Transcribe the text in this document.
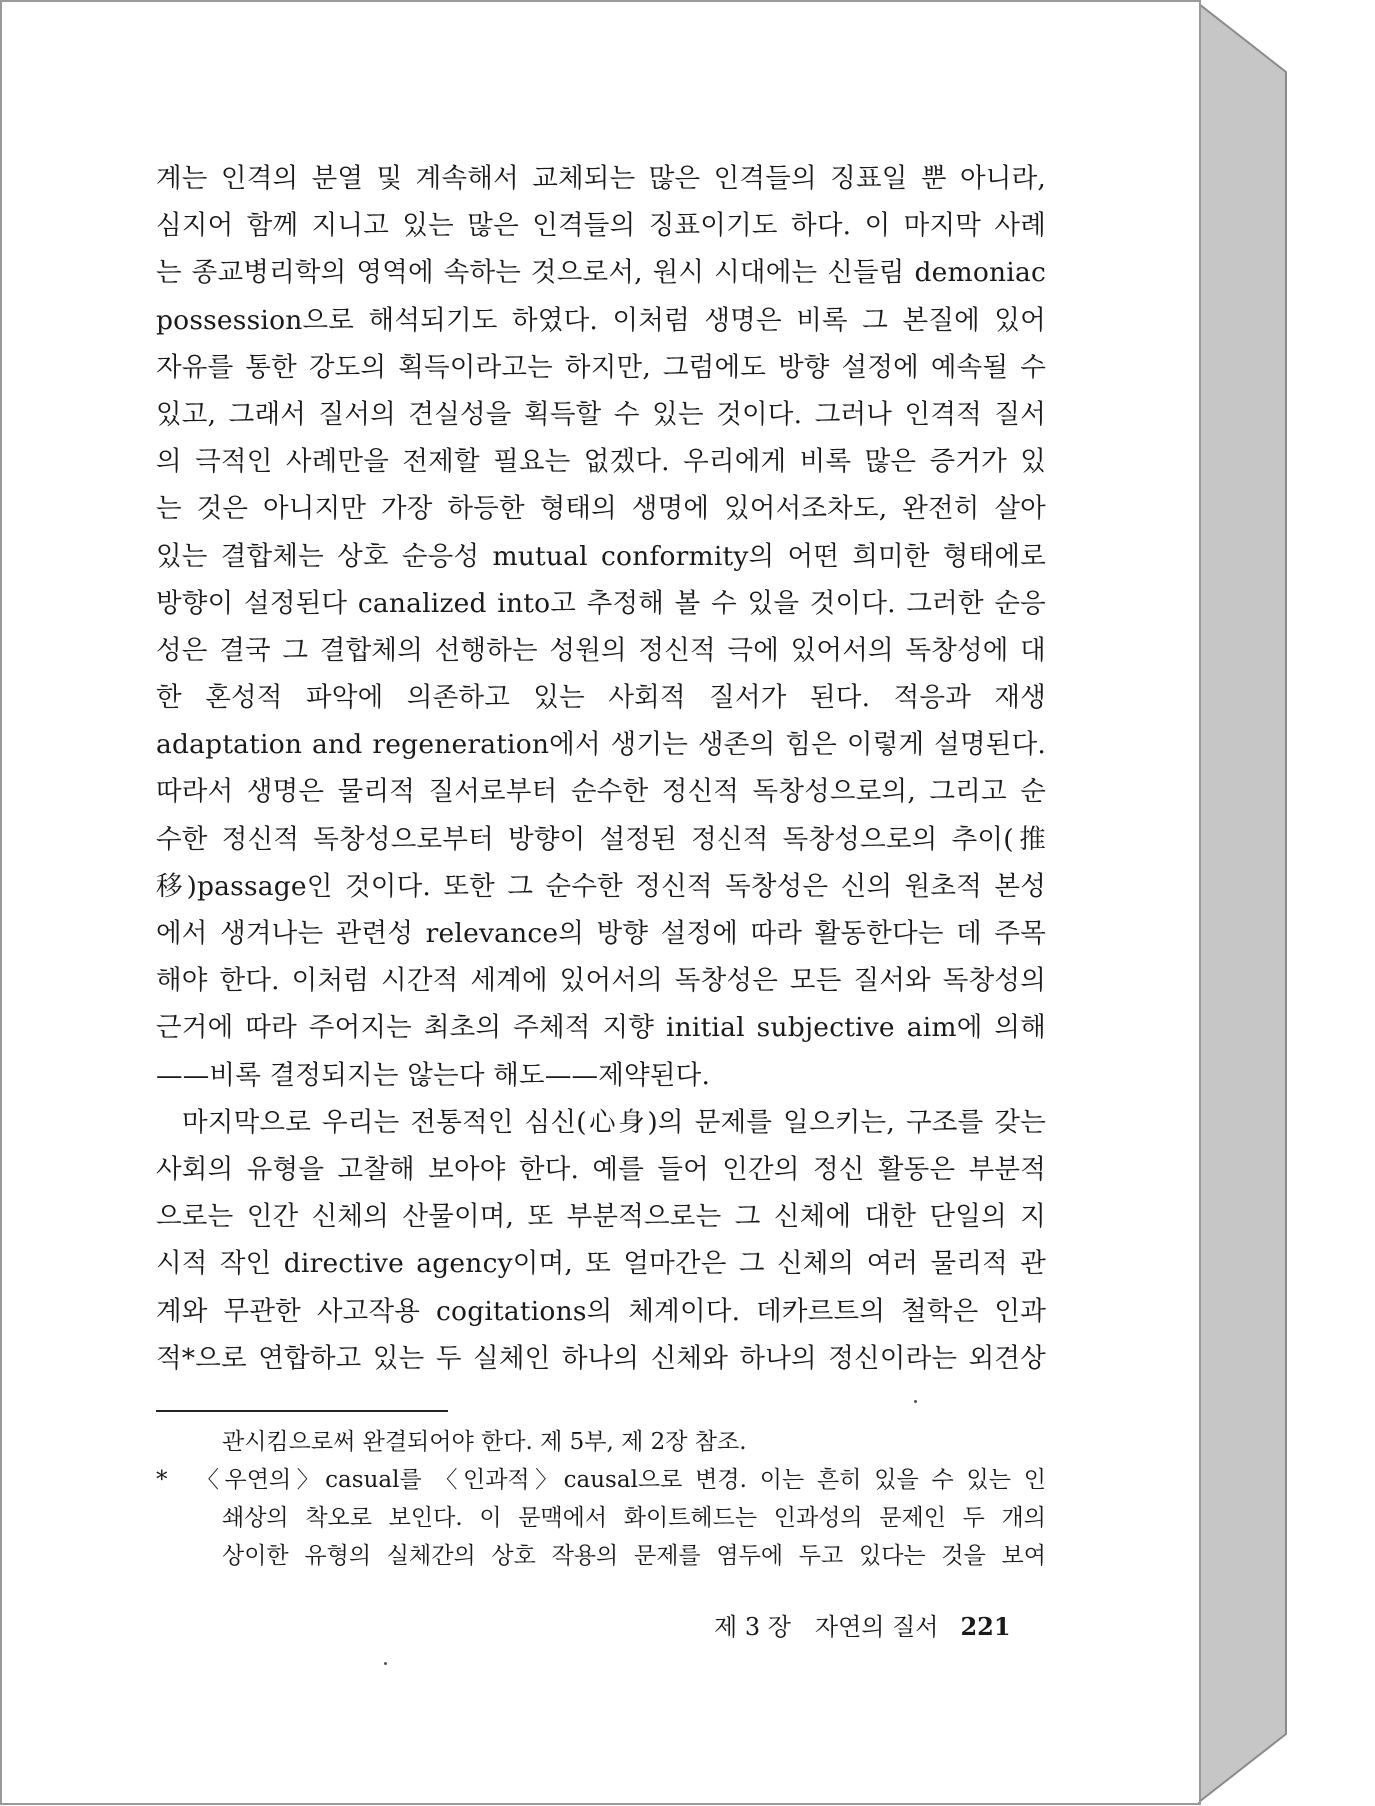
계는 인격의 분열 및 계속해서 교체되는 많은 인격들의 징표일 뿐 아니라,
심지어 함께 지니고 있는 많은 인격들의 징표이기도 하다. 이 마지막 사례
는 종교병리학의 영역에 속하는 것으로서, 원시 시대에는 신들림 demoniac
possession으로 해석되기도 하였다. 이처럼 생명은 비록 그 본질에 있어
자유를 통한 강도의 획득이라고는 하지만, 그럼에도 방향 설정에 예속될 수
있고, 그래서 질서의 견실성을 획득할 수 있는 것이다. 그러나 인격적 질서
의 극적인 사례만을 전제할 필요는 없겠다. 우리에게 비록 많은 증거가 있
는 것은 아니지만 가장 하등한 형태의 생명에 있어서조차도, 완전히 살아
있는 결합체는 상호 순응성 mutual conformity의 어떤 희미한 형태에로
방향이 설정된다 canalized into고 추정해 볼 수 있을 것이다. 그러한 순응
성은 결국 그 결합체의 선행하는 성원의 정신적 극에 있어서의 독창성에 대
한 혼성적 파악에 의존하고 있는 사회적 질서가 된다. 적응과 재생
adaptation and regeneration에서 생기는 생존의 힘은 이렇게 설명된다.
따라서 생명은 물리적 질서로부터 순수한 정신적 독창성으로의, 그리고 순
수한 정신적 독창성으로부터 방향이 설정된 정신적 독창성으로의 추이(推
移)passage인 것이다. 또한 그 순수한 정신적 독창성은 신의 원초적 본성
에서 생겨나는 관련성 relevance의 방향 설정에 따라 활동한다는 데 주목
해야 한다. 이처럼 시간적 세계에 있어서의 독창성은 모든 질서와 독창성의
근거에 따라 주어지는 최초의 주체적 지향 initial subjective aim에 의해
——비록 결정되지는 않는다 해도——제약된다.
마지막으로 우리는 전통적인 심신(心身)의 문제를 일으키는, 구조를 갖는
사회의 유형을 고찰해 보아야 한다. 예를 들어 인간의 정신 활동은 부분적
으로는 인간 신체의 산물이며, 또 부분적으로는 그 신체에 대한 단일의 지
시적 작인 directive agency이며, 또 얼마간은 그 신체의 여러 물리적 관
계와 무관한 사고작용 cogitations의 체계이다. 데카르트의 철학은 인과
적*으로 연합하고 있는 두 실체인 하나의 신체와 하나의 정신이라는 외견상
관시킴으로써 완결되어야 한다. 제 5부, 제 2장 참조.
*	〈우연의〉casual를 〈인과적〉causal으로 변경. 이는 흔히 있을 수 있는 인
쇄상의 착오로 보인다. 이 문맥에서 화이트헤드는 인과성의 문제인 두 개의
상이한 유형의 실체간의 상호 작용의 문제를 염두에 두고 있다는 것을 보여
제 3 장 자연의 질서 221
